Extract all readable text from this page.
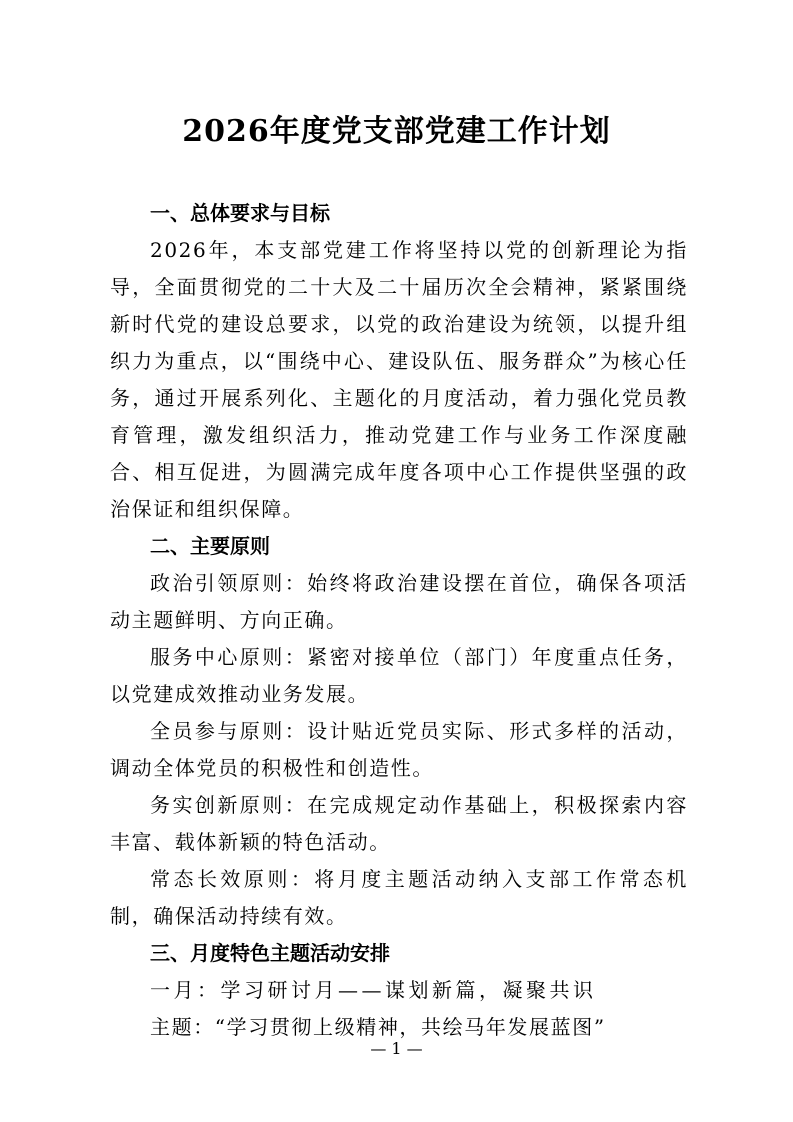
2026年度党支部党建工作计划
一、总体要求与目标

2026年，本支部党建工作将坚持以党的创新理论为指导，全面贯彻党的二十大及二十届历次全会精神，紧紧围绕新时代党的建设总要求，以党的政治建设为统领，以提升组织力为重点，以“围绕中心、建设队伍、服务群众”为核心任务，通过开展系列化、主题化的月度活动，着力强化党员教育管理，激发组织活力，推动党建工作与业务工作深度融合、相互促进，为圆满完成年度各项中心工作提供坚强的政治保证和组织保障。

二、主要原则

政治引领原则：始终将政治建设摆在首位，确保各项活动主题鲜明、方向正确。

服务中心原则：紧密对接单位（部门）年度重点任务，以党建成效推动业务发展。

全员参与原则：设计贴近党员实际、形式多样的活动，调动全体党员的积极性和创造性。

务实创新原则：在完成规定动作基础上，积极探索内容丰富、载体新颖的特色活动。

常态长效原则：将月度主题活动纳入支部工作常态机制，确保活动持续有效。

三、月度特色主题活动安排

一月：学习研讨月——谋划新篇，凝聚共识

主题：“学习贯彻上级精神，共绘马年发展蓝图”

— 1 —
